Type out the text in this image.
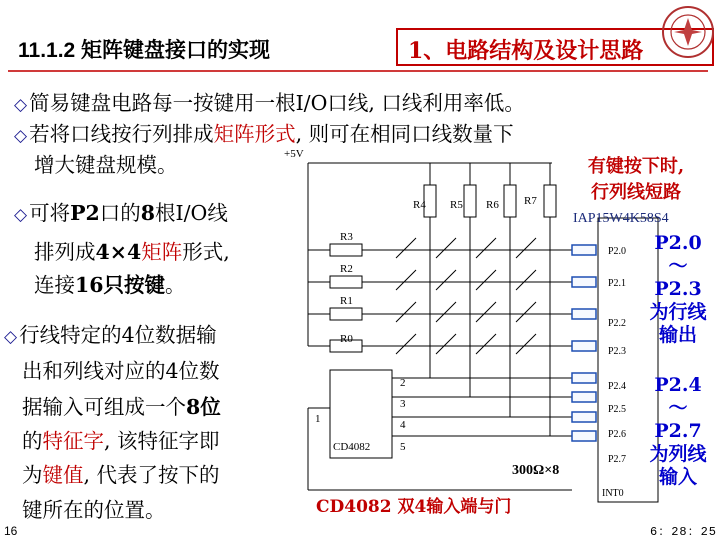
11.1.2 矩阵键盘接口的实现	1、电路结构及设计思路
◇简易键盘电路每一按键用一根I/O口线, 口线利用率低。
◇若将口线按行列排成矩阵形式, 则可在相同口线数量下
增大键盘规模。
◇可将P2口的8根I/O线
排列成4×4矩阵形式,
连接16只按键。
◇行线特定的4位数据输
出和列线对应的4位数
据输入可组成一个8位
的特征字, 该特征字即
为键值, 代表了按下的
键所在的位置。
+5V
R4 R5 R6 R7
R3
R2
R1
R0
IAP15W4K58S4
P2.0
P2.1
P2.2
P2.3
P2.4
P2.5
P2.6
P2.7
INT0
CD4082
2
3
4
5
1
300Ω×8
有键按下时,
行列线短路
P2.0
～
P2.3
为行线
输出
P2.4
～
P2.7
为列线
输入
CD4082 双4输入端与门
16	6：28：25
